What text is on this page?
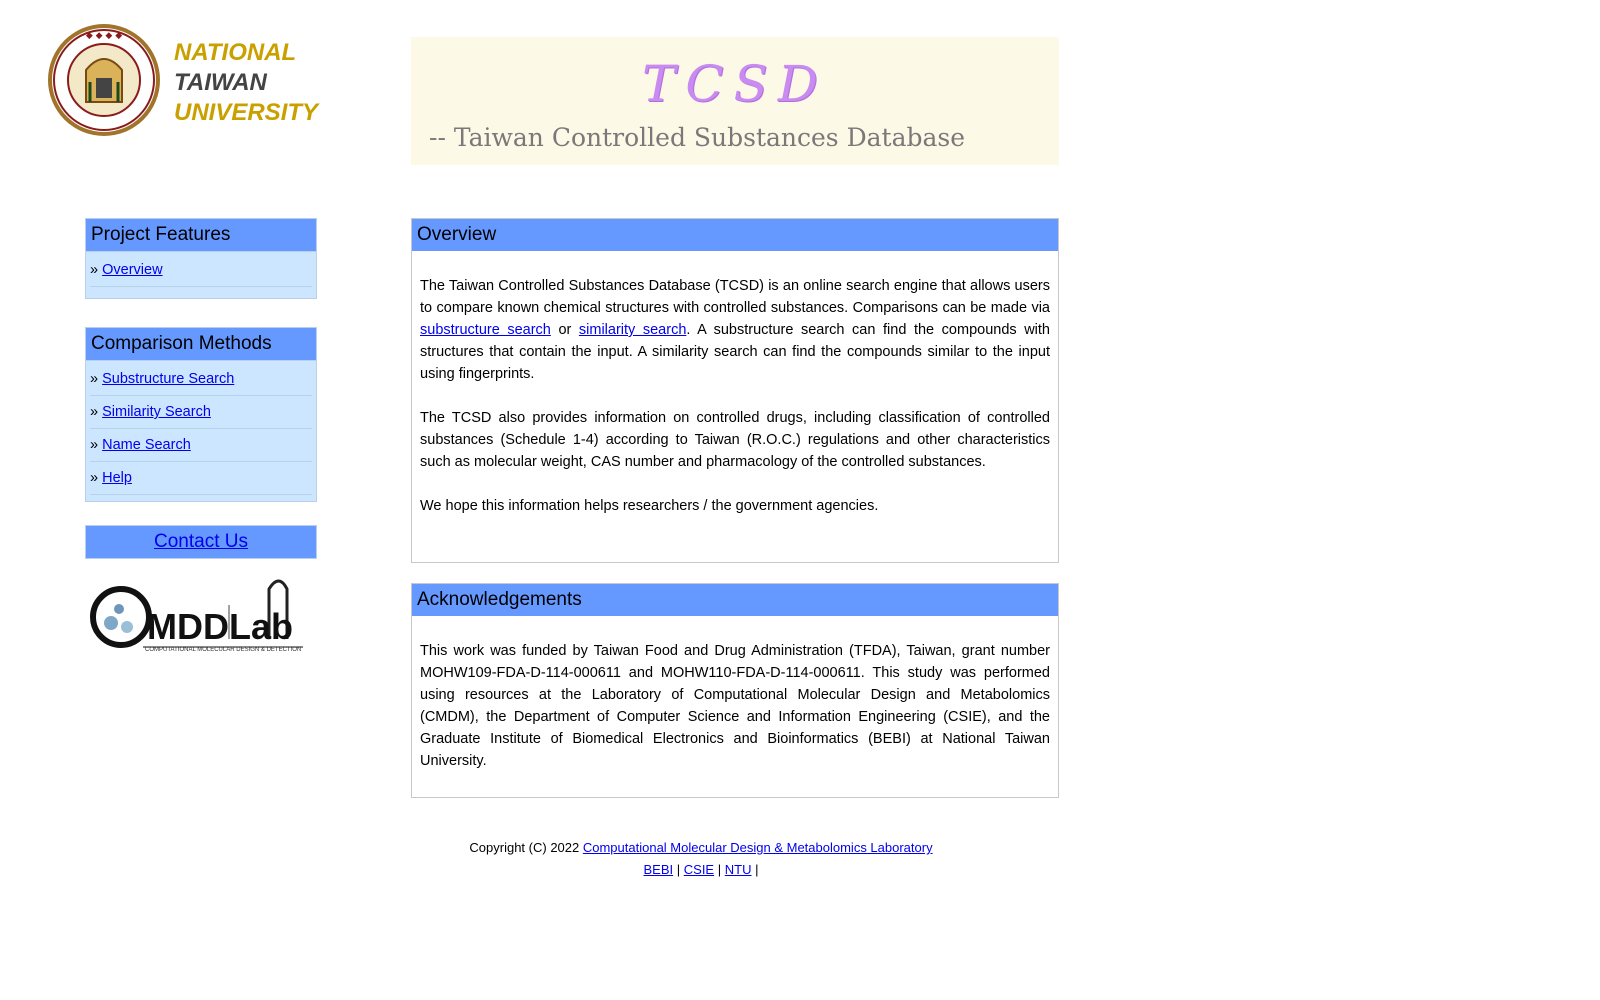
◆ ◆ ◆ ◆
NATIONAL
TAIWAN
UNIVERSITY	TCSD
-- Taiwan Controlled Substances Database
Project Features
» Overview
Comparison Methods
» Substructure Search
» Similarity Search
» Name Search
» Help
Contact Us
MDDLab
COMPUTATIONAL MOLECULAR DESIGN & DETECTION
Overview

The Taiwan Controlled Substances Database (TCSD) is an online search engine that allows users to compare known chemical structures with controlled substances. Comparisons can be made via substructure search or similarity search. A substructure search can find the compounds with structures that contain the input. A similarity search can find the compounds similar to the input using fingerprints.

The TCSD also provides information on controlled drugs, including classification of controlled substances (Schedule 1-4) according to Taiwan (R.O.C.) regulations and other characteristics such as molecular weight, CAS number and pharmacology of the controlled substances.

We hope this information helps researchers / the government agencies.

Acknowledgements

This work was funded by Taiwan Food and Drug Administration (TFDA), Taiwan, grant number MOHW109-FDA-D-114-000611 and MOHW110-FDA-D-114-000611. This study was performed using resources at the Laboratory of Computational Molecular Design and Metabolomics (CMDM), the Department of Computer Science and Information Engineering (CSIE), and the Graduate Institute of Biomedical Electronics and Bioinformatics (BEBI) at National Taiwan University.

Copyright (C) 2022 Computational Molecular Design & Metabolomics Laboratory
BEBI | CSIE | NTU |
